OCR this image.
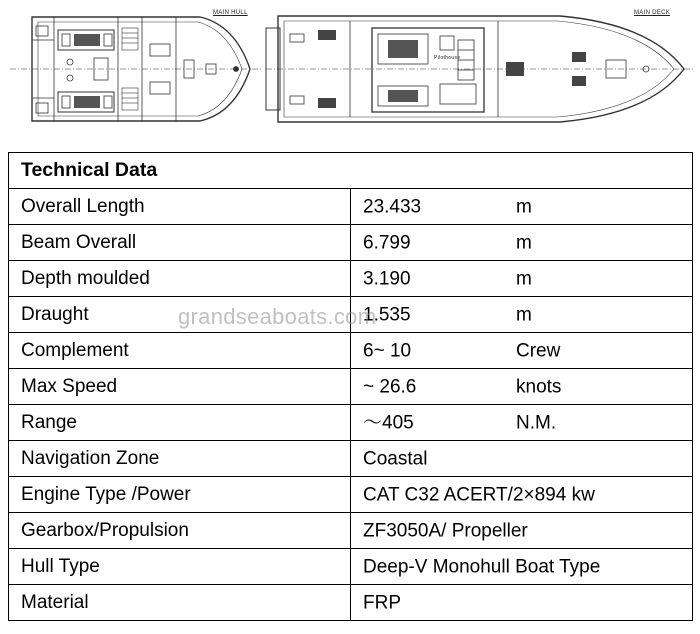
MAIN HULL	MAIN DECK
Pilothouse
Technical Data	
Overall Length	23.433 m

Beam Overall	6.799 m

Depth moulded	3.190 m

Draught	1.535 m

Complement	6~ 10 Crew

Max Speed	~ 26.6 knots

Range	～405 N.M.

Navigation Zone	Coastal

Engine Type /Power	CAT C32 ACERT/2×894 kw

Gearbox/Propulsion	ZF3050A/ Propeller

Hull Type	Deep-V Monohull Boat Type

Material	FRP
grandseaboats.com
